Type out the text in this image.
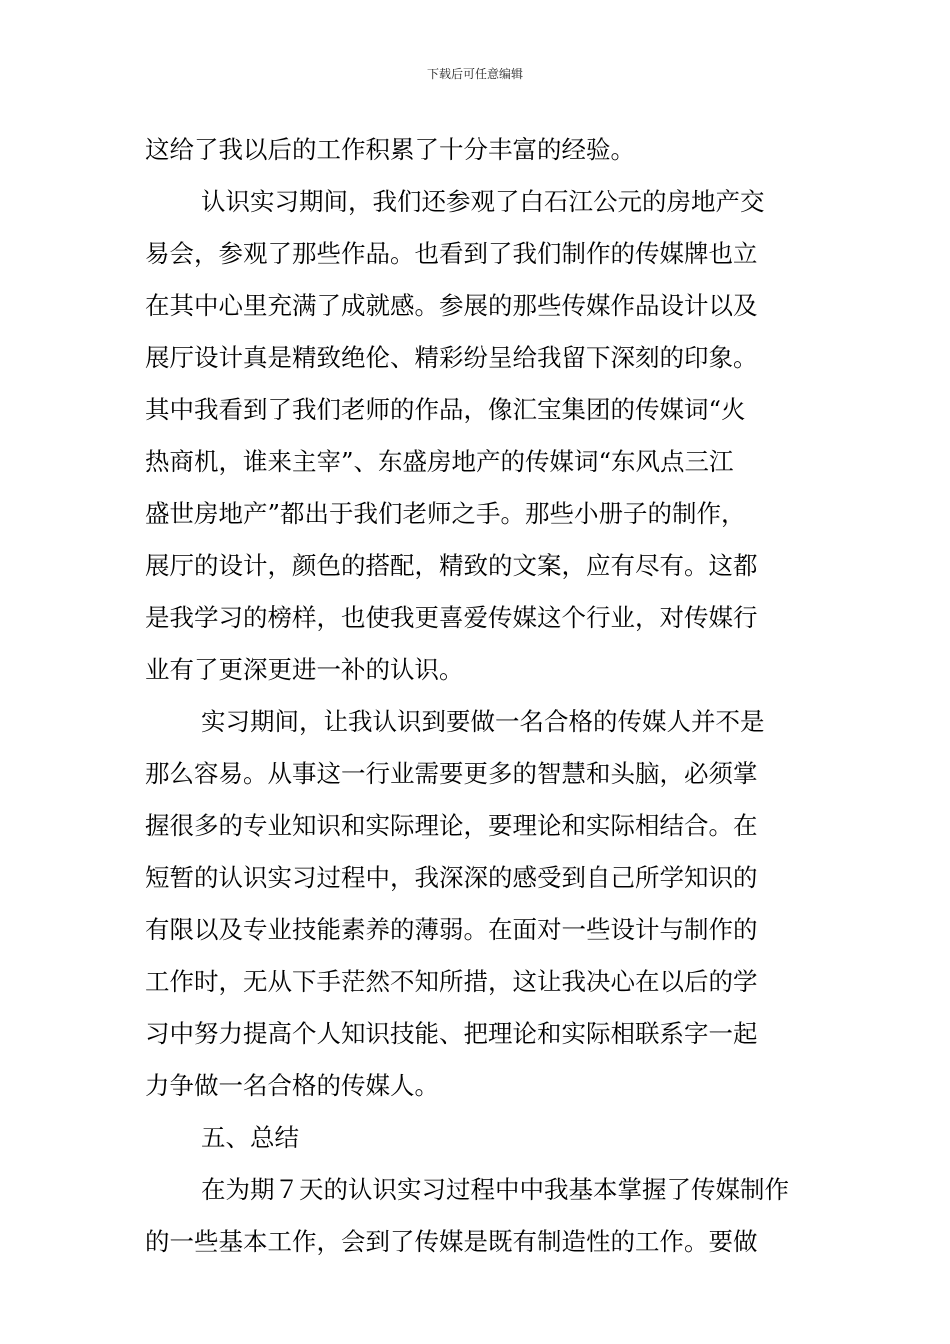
下载后可任意编辑
这给了我以后的工作积累了十分丰富的经验。
认识实习期间，我们还参观了白石江公元的房地产交
易会，参观了那些作品。也看到了我们制作的传媒牌也立
在其中心里充满了成就感。参展的那些传媒作品设计以及
展厅设计真是精致绝伦、精彩纷呈给我留下深刻的印象。
其中我看到了我们老师的作品，像汇宝集团的传媒词“火
热商机，谁来主宰”、东盛房地产的传媒词“东风点三江
盛世房地产”都出于我们老师之手。那些小册子的制作，
展厅的设计，颜色的搭配，精致的文案，应有尽有。这都
是我学习的榜样，也使我更喜爱传媒这个行业，对传媒行
业有了更深更进一补的认识。
实习期间，让我认识到要做一名合格的传媒人并不是
那么容易。从事这一行业需要更多的智慧和头脑，必须掌
握很多的专业知识和实际理论，要理论和实际相结合。在
短暂的认识实习过程中，我深深的感受到自己所学知识的
有限以及专业技能素养的薄弱。在面对一些设计与制作的
工作时，无从下手茫然不知所措，这让我决心在以后的学
习中努力提高个人知识技能、把理论和实际相联系字一起
力争做一名合格的传媒人。
五、总结
在为期７天的认识实习过程中中我基本掌握了传媒制作
的一些基本工作，会到了传媒是既有制造性的工作。要做
